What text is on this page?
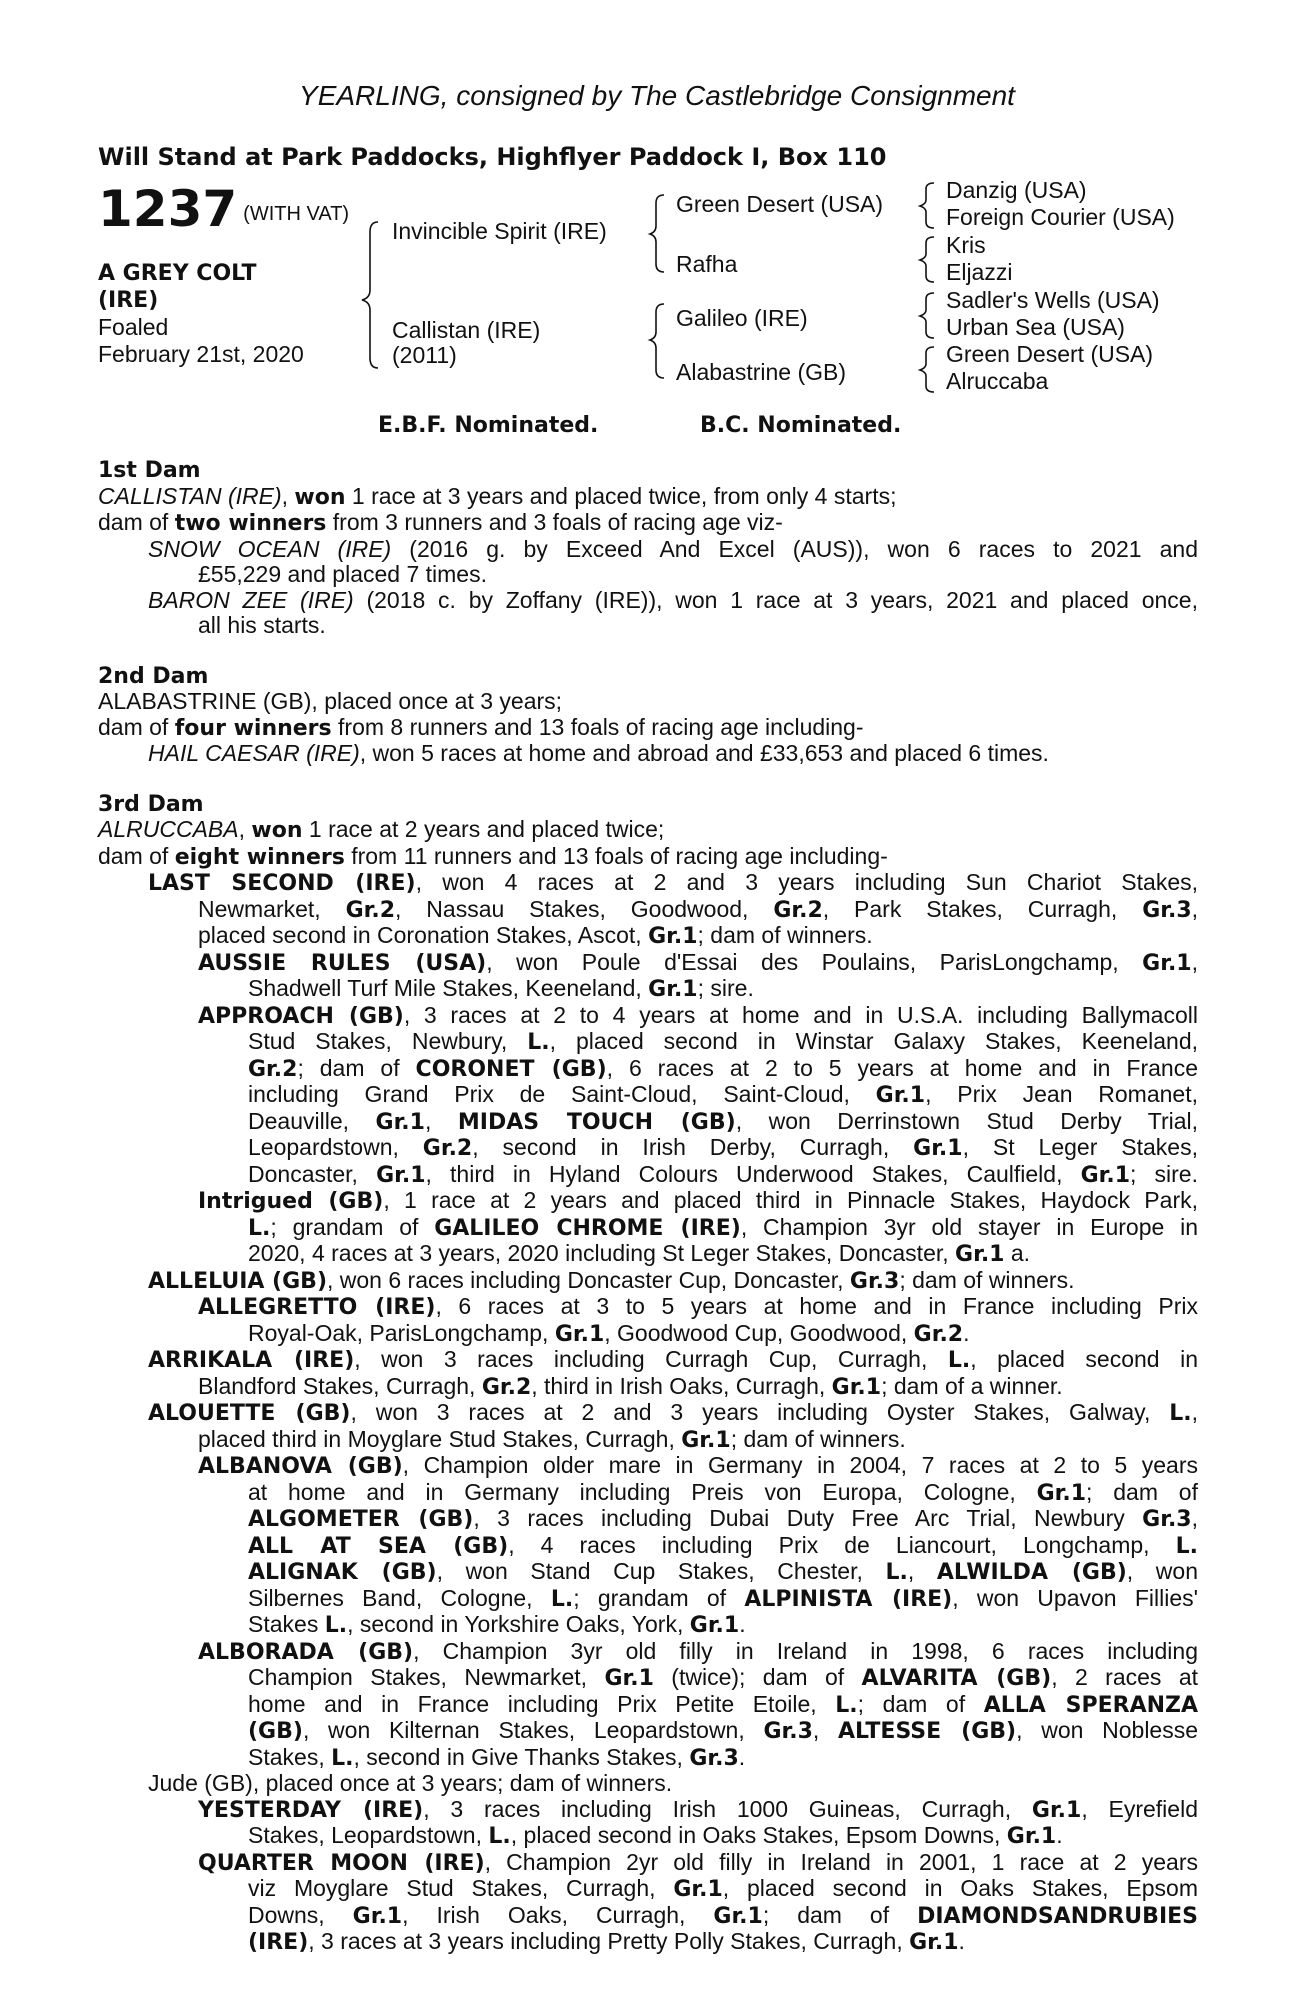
YEARLING, consigned by The Castlebridge Consignment
Will Stand at Park Paddocks, Highflyer Paddock I, Box 110
1237 (WITH VAT)
A GREY COLT
(IRE)
Foaled
February 21st, 2020
Invincible Spirit (IRE)
Callistan (IRE)
(2011)
Green Desert (USA)
Rafha
Galileo (IRE)
Alabastrine (GB)
Danzig (USA)
Foreign Courier (USA)
Kris
Eljazzi
Sadler's Wells (USA)
Urban Sea (USA)
Green Desert (USA)
Alruccaba
E.B.F. Nominated.	B.C. Nominated.
1st Dam
CALLISTAN (IRE), won 1 race at 3 years and placed twice, from only 4 starts;
dam of two winners from 3 runners and 3 foals of racing age viz-
SNOW OCEAN (IRE) (2016 g. by Exceed And Excel (AUS)), won 6 races to 2021 and
£55,229 and placed 7 times.
BARON ZEE (IRE) (2018 c. by Zoffany (IRE)), won 1 race at 3 years, 2021 and placed once,
all his starts.
2nd Dam
ALABASTRINE (GB), placed once at 3 years;
dam of four winners from 8 runners and 13 foals of racing age including-
HAIL CAESAR (IRE), won 5 races at home and abroad and £33,653 and placed 6 times.
3rd Dam
ALRUCCABA, won 1 race at 2 years and placed twice;
dam of eight winners from 11 runners and 13 foals of racing age including-
LAST SECOND (IRE), won 4 races at 2 and 3 years including Sun Chariot Stakes,
Newmarket, Gr.2, Nassau Stakes, Goodwood, Gr.2, Park Stakes, Curragh, Gr.3,
placed second in Coronation Stakes, Ascot, Gr.1; dam of winners.
AUSSIE RULES (USA), won Poule d'Essai des Poulains, ParisLongchamp, Gr.1,
Shadwell Turf Mile Stakes, Keeneland, Gr.1; sire.
APPROACH (GB), 3 races at 2 to 4 years at home and in U.S.A. including Ballymacoll
Stud Stakes, Newbury, L., placed second in Winstar Galaxy Stakes, Keeneland,
Gr.2; dam of CORONET (GB), 6 races at 2 to 5 years at home and in France
including Grand Prix de Saint-Cloud, Saint-Cloud, Gr.1, Prix Jean Romanet,
Deauville, Gr.1, MIDAS TOUCH (GB), won Derrinstown Stud Derby Trial,
Leopardstown, Gr.2, second in Irish Derby, Curragh, Gr.1, St Leger Stakes,
Doncaster, Gr.1, third in Hyland Colours Underwood Stakes, Caulfield, Gr.1; sire.
Intrigued (GB), 1 race at 2 years and placed third in Pinnacle Stakes, Haydock Park,
L.; grandam of GALILEO CHROME (IRE), Champion 3yr old stayer in Europe in
2020, 4 races at 3 years, 2020 including St Leger Stakes, Doncaster, Gr.1 a.
ALLELUIA (GB), won 6 races including Doncaster Cup, Doncaster, Gr.3; dam of winners.
ALLEGRETTO (IRE), 6 races at 3 to 5 years at home and in France including Prix
Royal-Oak, ParisLongchamp, Gr.1, Goodwood Cup, Goodwood, Gr.2.
ARRIKALA (IRE), won 3 races including Curragh Cup, Curragh, L., placed second in
Blandford Stakes, Curragh, Gr.2, third in Irish Oaks, Curragh, Gr.1; dam of a winner.
ALOUETTE (GB), won 3 races at 2 and 3 years including Oyster Stakes, Galway, L.,
placed third in Moyglare Stud Stakes, Curragh, Gr.1; dam of winners.
ALBANOVA (GB), Champion older mare in Germany in 2004, 7 races at 2 to 5 years
at home and in Germany including Preis von Europa, Cologne, Gr.1; dam of
ALGOMETER (GB), 3 races including Dubai Duty Free Arc Trial, Newbury Gr.3,
ALL AT SEA (GB), 4 races including Prix de Liancourt, Longchamp, L.
ALIGNAK (GB), won Stand Cup Stakes, Chester, L., ALWILDA (GB), won
Silbernes Band, Cologne, L.; grandam of ALPINISTA (IRE), won Upavon Fillies'
Stakes L., second in Yorkshire Oaks, York, Gr.1.
ALBORADA (GB), Champion 3yr old filly in Ireland in 1998, 6 races including
Champion Stakes, Newmarket, Gr.1 (twice); dam of ALVARITA (GB), 2 races at
home and in France including Prix Petite Etoile, L.; dam of ALLA SPERANZA
(GB), won Kilternan Stakes, Leopardstown, Gr.3, ALTESSE (GB), won Noblesse
Stakes, L., second in Give Thanks Stakes, Gr.3.
Jude (GB), placed once at 3 years; dam of winners.
YESTERDAY (IRE), 3 races including Irish 1000 Guineas, Curragh, Gr.1, Eyrefield
Stakes, Leopardstown, L., placed second in Oaks Stakes, Epsom Downs, Gr.1.
QUARTER MOON (IRE), Champion 2yr old filly in Ireland in 2001, 1 race at 2 years
viz Moyglare Stud Stakes, Curragh, Gr.1, placed second in Oaks Stakes, Epsom
Downs, Gr.1, Irish Oaks, Curragh, Gr.1; dam of DIAMONDSANDRUBIES
(IRE), 3 races at 3 years including Pretty Polly Stakes, Curragh, Gr.1.
